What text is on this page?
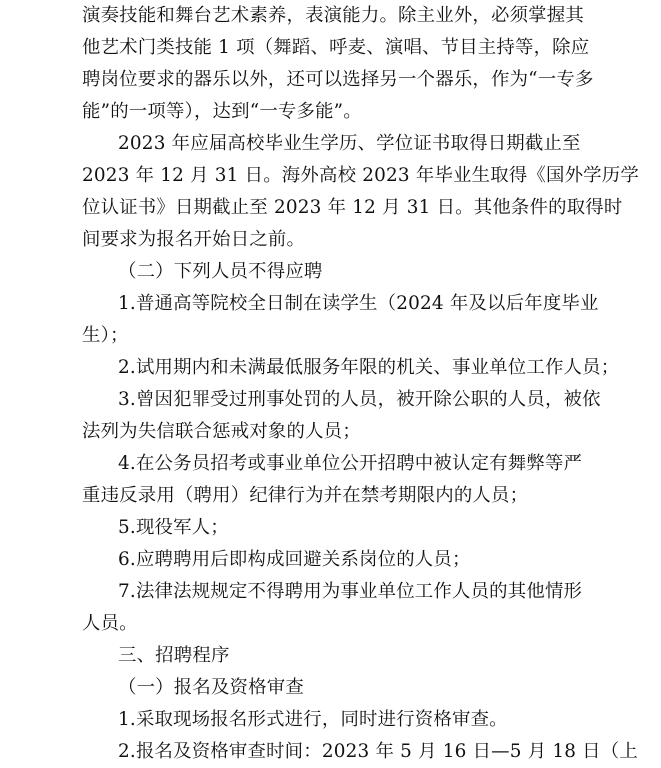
演奏技能和舞台艺术素养，表演能力。除主业外，必须掌握其
他艺术门类技能 1 项（舞蹈、呼麦、演唱、节目主持等，除应
聘岗位要求的器乐以外，还可以选择另一个器乐，作为“一专多
能”的一项等），达到“一专多能”。
2023 年应届高校毕业生学历、学位证书取得日期截止至
2023 年 12 月 31 日。海外高校 2023 年毕业生取得《国外学历学
位认证书》日期截止至 2023 年 12 月 31 日。其他条件的取得时
间要求为报名开始日之前。
（二）下列人员不得应聘
1.普通高等院校全日制在读学生（2024 年及以后年度毕业
生）；
2.试用期内和未满最低服务年限的机关、事业单位工作人员；
3.曾因犯罪受过刑事处罚的人员，被开除公职的人员，被依
法列为失信联合惩戒对象的人员；
4.在公务员招考或事业单位公开招聘中被认定有舞弊等严
重违反录用（聘用）纪律行为并在禁考期限内的人员；
5.现役军人；
6.应聘聘用后即构成回避关系岗位的人员；
7.法律法规规定不得聘用为事业单位工作人员的其他情形
人员。
三、招聘程序
（一）报名及资格审查
1.采取现场报名形式进行，同时进行资格审查。
2.报名及资格审查时间：2023 年 5 月 16 日—5 月 18 日（上
